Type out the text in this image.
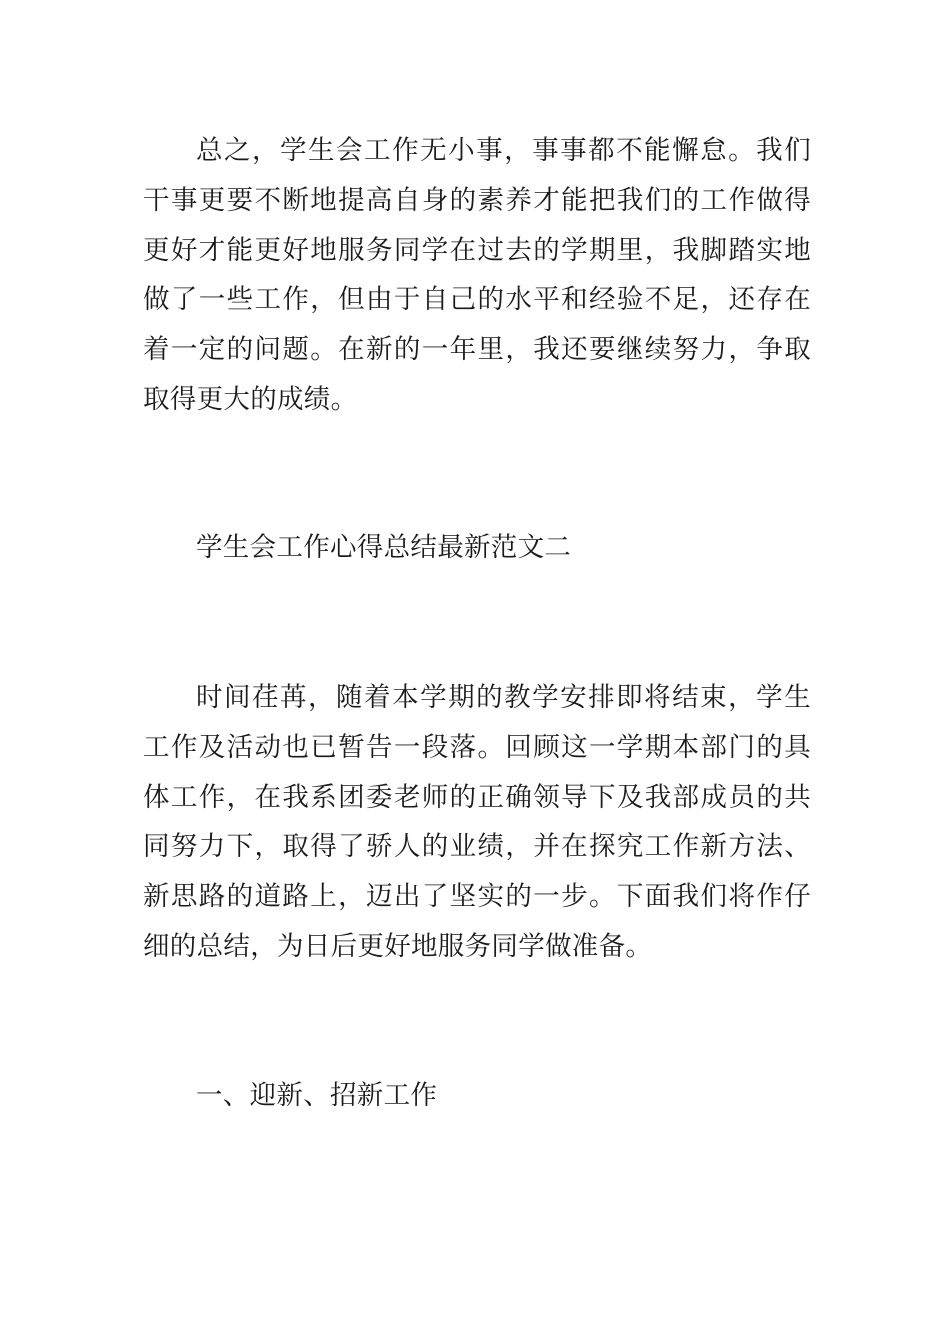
总之，学生会工作无小事，事事都不能懈怠。我们干事更要不断地提高自身的素养才能把我们的工作做得更好才能更好地服务同学在过去的学期里，我脚踏实地做了一些工作，但由于自己的水平和经验不足，还存在着一定的问题。在新的一年里，我还要继续努力，争取取得更大的成绩。

学生会工作心得总结最新范文二

时间荏苒，随着本学期的教学安排即将结束，学生工作及活动也已暂告一段落。回顾这一学期本部门的具体工作，在我系团委老师的正确领导下及我部成员的共同努力下，取得了骄人的业绩，并在探究工作新方法、新思路的道路上，迈出了坚实的一步。下面我们将作仔细的总结，为日后更好地服务同学做准备。

一、迎新、招新工作
